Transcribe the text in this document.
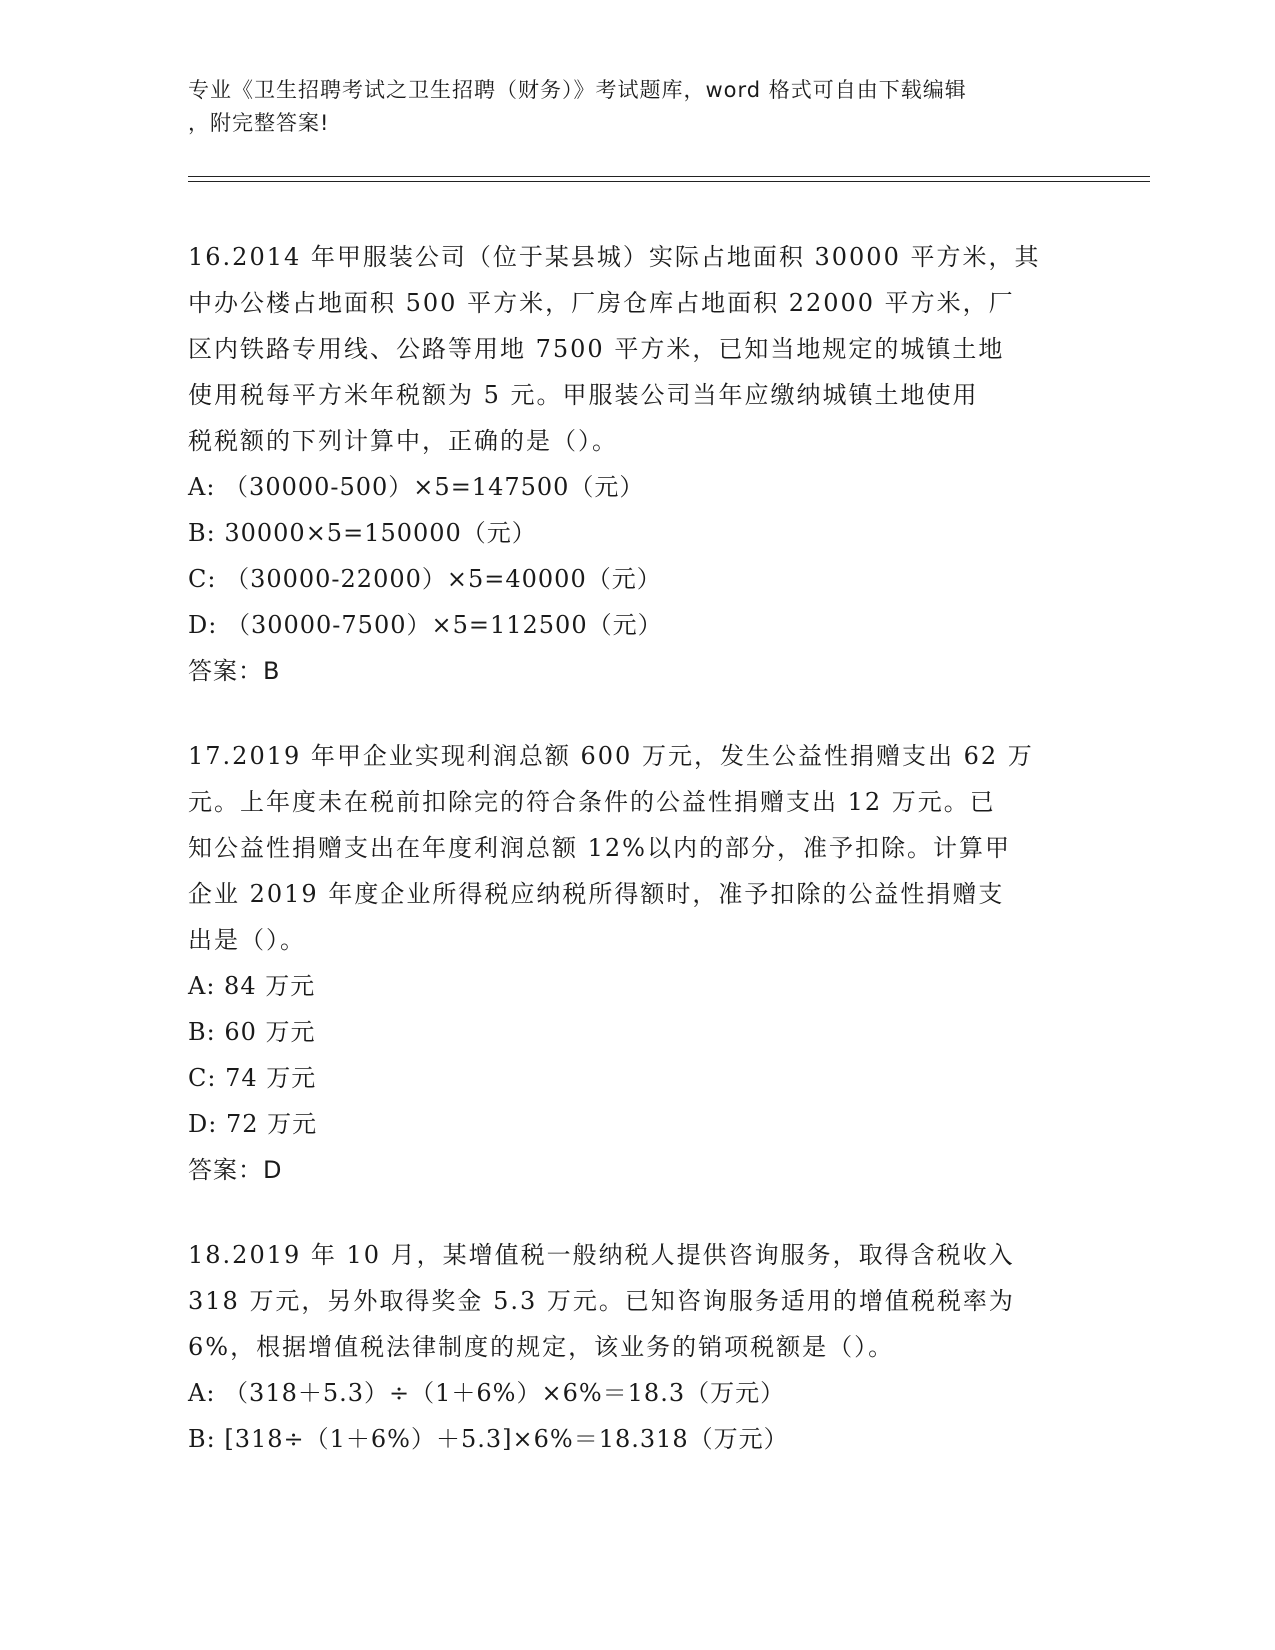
专业《卫生招聘考试之卫生招聘（财务）》考试题库，word 格式可自由下载编辑
，附完整答案!
16.2014 年甲服装公司（位于某县城）实际占地面积 30000 平方米，其
中办公楼占地面积 500 平方米，厂房仓库占地面积 22000 平方米，厂
区内铁路专用线、公路等用地 7500 平方米，已知当地规定的城镇土地
使用税每平方米年税额为 5 元。甲服装公司当年应缴纳城镇土地使用
税税额的下列计算中，正确的是（）。
A: （30000-500）×5=147500（元）
B: 30000×5=150000（元）
C: （30000-22000）×5=40000（元）
D: （30000-7500）×5=112500（元）
答案：B
17.2019 年甲企业实现利润总额 600 万元，发生公益性捐赠支出 62 万
元。上年度未在税前扣除完的符合条件的公益性捐赠支出 12 万元。已
知公益性捐赠支出在年度利润总额 12%以内的部分，准予扣除。计算甲
企业 2019 年度企业所得税应纳税所得额时，准予扣除的公益性捐赠支
出是（）。
A: 84 万元
B: 60 万元
C: 74 万元
D: 72 万元
答案：D
18.2019 年 10 月，某增值税一般纳税人提供咨询服务，取得含税收入
318 万元，另外取得奖金 5.3 万元。已知咨询服务适用的增值税税率为
6%，根据增值税法律制度的规定，该业务的销项税额是（）。
A: （318＋5.3）÷（1＋6%）×6%＝18.3（万元）
B: [318÷（1＋6%）＋5.3]×6%＝18.318（万元）
